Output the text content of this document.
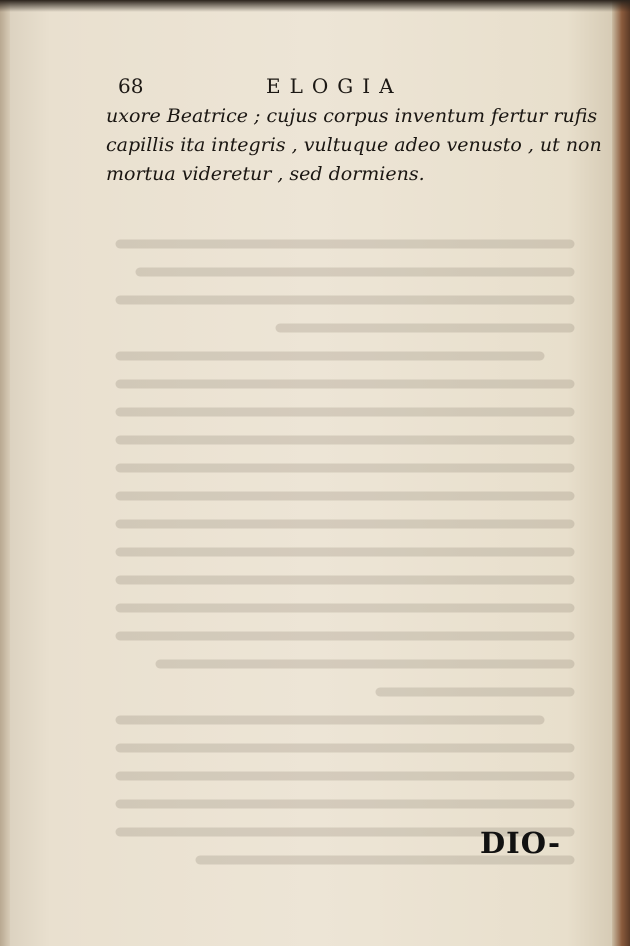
68	ELOGIA
uxore Beatrice ; cujus corpus inventum fertur rufis
capillis ita integris , vultuque adeo venusto , ut non
mortua videretur , sed dormiens.
DIO-
